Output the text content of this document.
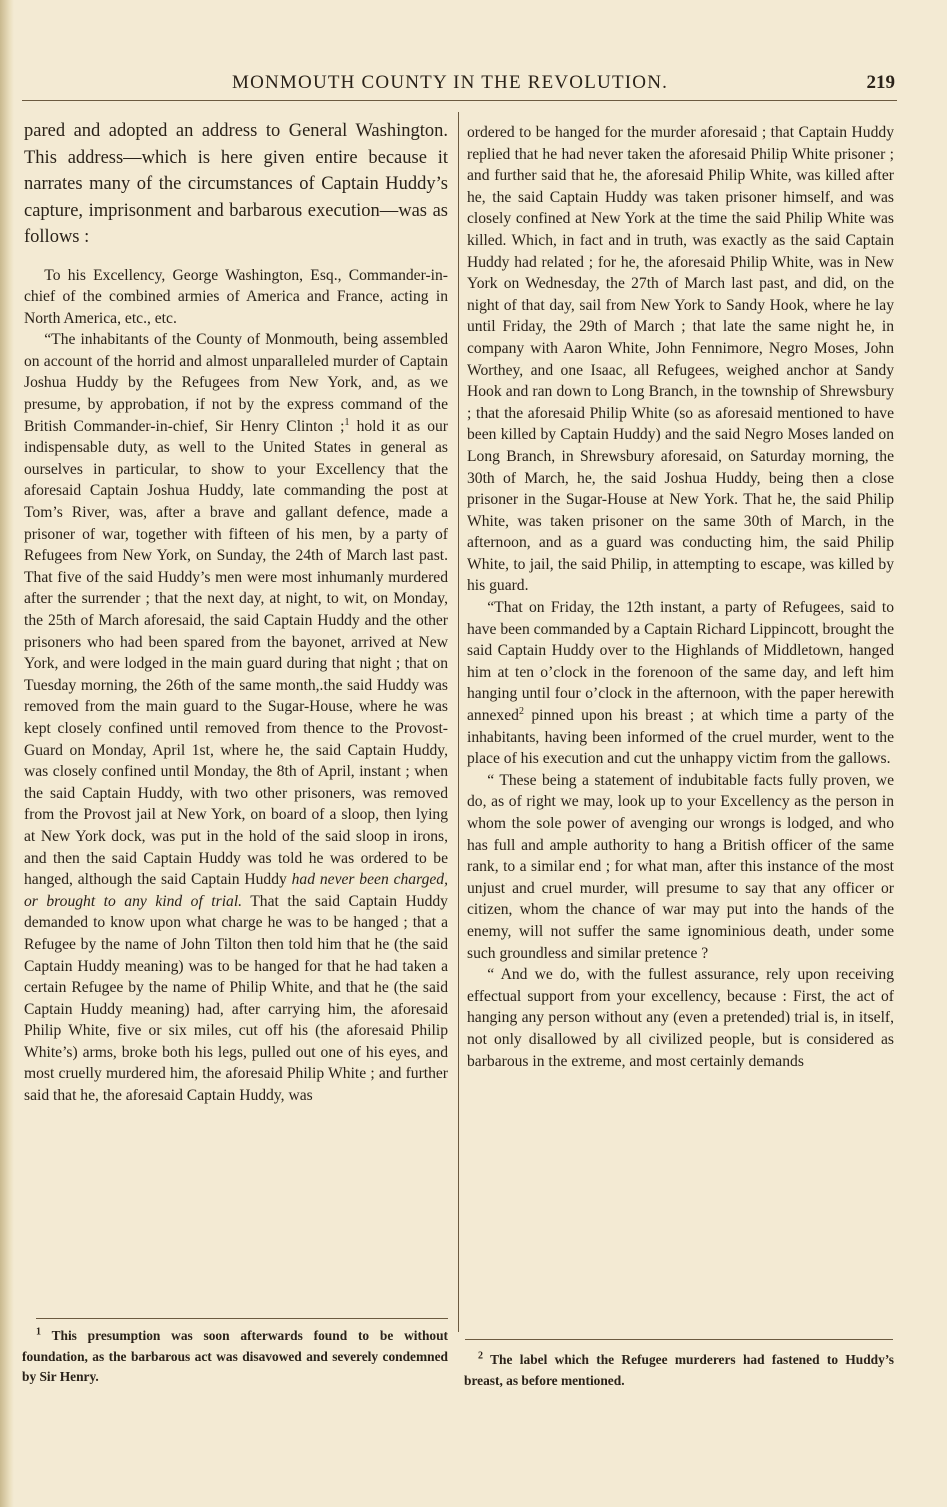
MONMOUTH COUNTY IN THE REVOLUTION.	219

pared and adopted an address to General Washington. This address—which is here given entire because it narrates many of the circumstances of Captain Huddy’s capture, imprisonment and barbarous execution—was as follows :

To his Excellency, George Washington, Esq., Commander-in-chief of the combined armies of America and France, acting in North America, etc., etc.

“The inhabitants of the County of Monmouth, being assembled on account of the horrid and almost unparalleled murder of Captain Joshua Huddy by the Refugees from New York, and, as we presume, by approbation, if not by the express command of the British Commander-in-chief, Sir Henry Clinton ;$^1$ hold it as our indispensable duty, as well to the United States in general as ourselves in particular, to show to your Excellency that the aforesaid Captain Joshua Huddy, late commanding the post at Tom’s River, was, after a brave and gallant defence, made a prisoner of war, together with fifteen of his men, by a party of Refugees from New York, on Sunday, the 24th of March last past. That five of the said Huddy’s men were most inhumanly murdered after the surrender ; that the next day, at night, to wit, on Monday, the 25th of March aforesaid, the said Captain Huddy and the other prisoners who had been spared from the bayonet, arrived at New York, and were lodged in the main guard during that night ; that on Tuesday morning, the 26th of the same month,.the said Huddy was removed from the main guard to the Sugar-House, where he was kept closely confined until removed from thence to the Provost-Guard on Monday, April 1st, where he, the said Captain Huddy, was closely confined until Monday, the 8th of April, instant ; when the said Captain Huddy, with two other prisoners, was removed from the Provost jail at New York, on board of a sloop, then lying at New York dock, was put in the hold of the said sloop in irons, and then the said Captain Huddy was told he was ordered to be hanged, although the said Captain Huddy had never been charged, or brought to any kind of trial. That the said Captain Huddy demanded to know upon what charge he was to be hanged ; that a Refugee by the name of John Tilton then told him that he (the said Captain Huddy meaning) was to be hanged for that he had taken a certain Refugee by the name of Philip White, and that he (the said Captain Huddy meaning) had, after carrying him, the aforesaid Philip White, five or six miles, cut off his (the aforesaid Philip White’s) arms, broke both his legs, pulled out one of his eyes, and most cruelly murdered him, the aforesaid Philip White ; and further said that he, the aforesaid Captain Huddy, was

$^1$ This presumption was soon afterwards found to be without foundation, as the barbarous act was disavowed and severely condemned by Sir Henry.

ordered to be hanged for the murder aforesaid ; that Captain Huddy replied that he had never taken the aforesaid Philip White prisoner ; and further said that he, the aforesaid Philip White, was killed after he, the said Captain Huddy was taken prisoner himself, and was closely confined at New York at the time the said Philip White was killed. Which, in fact and in truth, was exactly as the said Captain Huddy had related ; for he, the aforesaid Philip White, was in New York on Wednesday, the 27th of March last past, and did, on the night of that day, sail from New York to Sandy Hook, where he lay until Friday, the 29th of March ; that late the same night he, in company with Aaron White, John Fennimore, Negro Moses, John Worthey, and one Isaac, all Refugees, weighed anchor at Sandy Hook and ran down to Long Branch, in the township of Shrewsbury ; that the aforesaid Philip White (so as aforesaid mentioned to have been killed by Captain Huddy) and the said Negro Moses landed on Long Branch, in Shrewsbury aforesaid, on Saturday morning, the 30th of March, he, the said Joshua Huddy, being then a close prisoner in the Sugar-House at New York. That he, the said Philip White, was taken prisoner on the same 30th of March, in the afternoon, and as a guard was conducting him, the said Philip White, to jail, the said Philip, in attempting to escape, was killed by his guard.

“That on Friday, the 12th instant, a party of Refugees, said to have been commanded by a Captain Richard Lippincott, brought the said Captain Huddy over to the Highlands of Middletown, hanged him at ten o’clock in the forenoon of the same day, and left him hanging until four o’clock in the afternoon, with the paper herewith annexed$^2$ pinned upon his breast ; at which time a party of the inhabitants, having been informed of the cruel murder, went to the place of his execution and cut the unhappy victim from the gallows.

“ These being a statement of indubitable facts fully proven, we do, as of right we may, look up to your Excellency as the person in whom the sole power of avenging our wrongs is lodged, and who has full and ample authority to hang a British officer of the same rank, to a similar end ; for what man, after this instance of the most unjust and cruel murder, will presume to say that any officer or citizen, whom the chance of war may put into the hands of the enemy, will not suffer the same ignominious death, under some such groundless and similar pretence ?

“ And we do, with the fullest assurance, rely upon receiving effectual support from your excellency, because : First, the act of hanging any person without any (even a pretended) trial is, in itself, not only disallowed by all civilized people, but is considered as barbarous in the extreme, and most certainly demands

$^2$ The label which the Refugee murderers had fastened to Huddy’s breast, as before mentioned.
